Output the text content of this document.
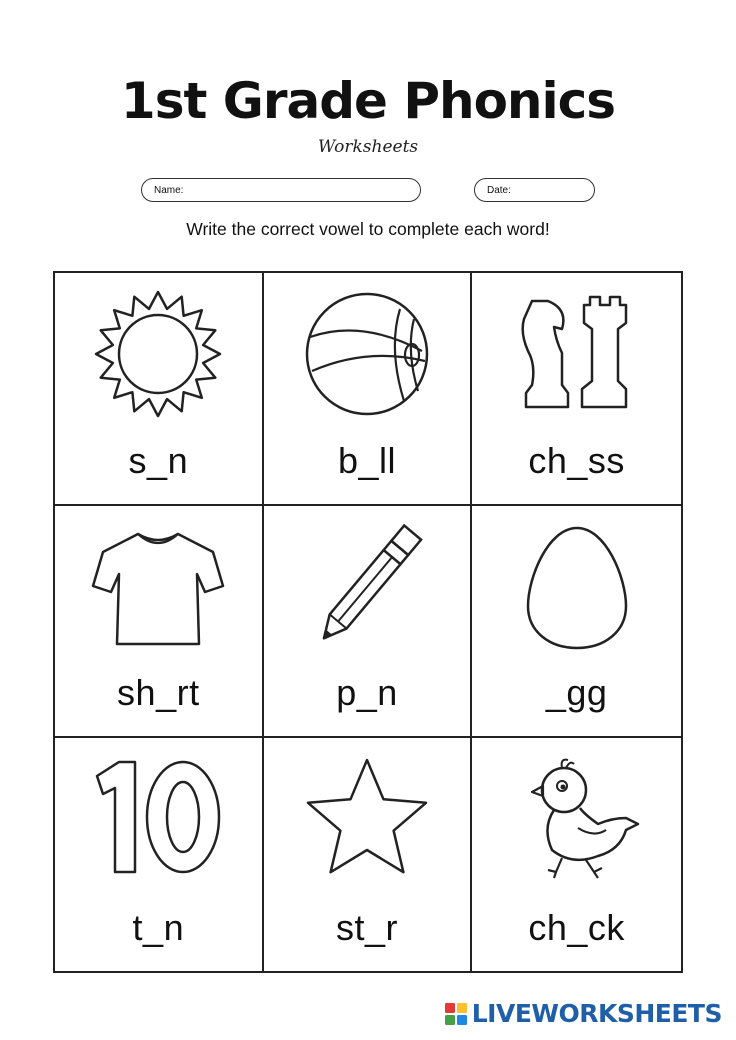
1st Grade Phonics
Worksheets
Name:	Date:
Write the correct vowel to complete each word!
s_n	b_ll	ch_ss
sh_rt	p_n	_gg
t_n	st_r	ch_ck
LIVEWORKSHEETS
